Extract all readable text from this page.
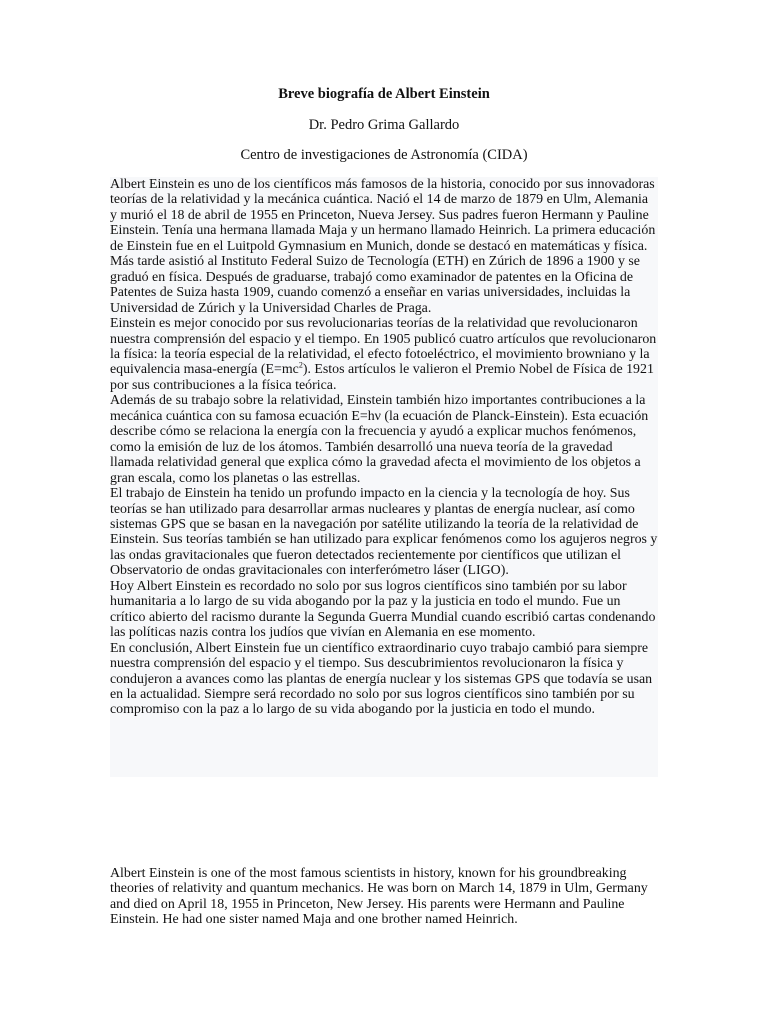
Breve biografía de Albert Einstein
Dr. Pedro Grima Gallardo
Centro de investigaciones de Astronomía (CIDA)

Albert Einstein es uno de los científicos más famosos de la historia, conocido por sus innovadoras teorías de la relatividad y la mecánica cuántica. Nació el 14 de marzo de 1879 en Ulm, Alemania y murió el 18 de abril de 1955 en Princeton, Nueva Jersey. Sus padres fueron Hermann y Pauline Einstein. Tenía una hermana llamada Maja y un hermano llamado Heinrich. La primera educación de Einstein fue en el Luitpold Gymnasium en Munich, donde se destacó en matemáticas y física. Más tarde asistió al Instituto Federal Suizo de Tecnología (ETH) en Zúrich de 1896 a 1900 y se graduó en física. Después de graduarse, trabajó como examinador de patentes en la Oficina de Patentes de Suiza hasta 1909, cuando comenzó a enseñar en varias universidades, incluidas la Universidad de Zúrich y la Universidad Charles de Praga.

Einstein es mejor conocido por sus revolucionarias teorías de la relatividad que revolucionaron nuestra comprensión del espacio y el tiempo. En 1905 publicó cuatro artículos que revolucionaron la física: la teoría especial de la relatividad, el efecto fotoeléctrico, el movimiento browniano y la equivalencia masa-energía $(E=mc^2)$. Estos artículos le valieron el Premio Nobel de Física de 1921 por sus contribuciones a la física teórica.

Además de su trabajo sobre la relatividad, Einstein también hizo importantes contribuciones a la mecánica cuántica con su famosa ecuación E=hν (la ecuación de Planck-Einstein). Esta ecuación describe cómo se relaciona la energía con la frecuencia y ayudó a explicar muchos fenómenos, como la emisión de luz de los átomos. También desarrolló una nueva teoría de la gravedad llamada relatividad general que explica cómo la gravedad afecta el movimiento de los objetos a gran escala, como los planetas o las estrellas.

El trabajo de Einstein ha tenido un profundo impacto en la ciencia y la tecnología de hoy. Sus teorías se han utilizado para desarrollar armas nucleares y plantas de energía nuclear, así como sistemas GPS que se basan en la navegación por satélite utilizando la teoría de la relatividad de Einstein. Sus teorías también se han utilizado para explicar fenómenos como los agujeros negros y las ondas gravitacionales que fueron detectados recientemente por científicos que utilizan el Observatorio de ondas gravitacionales con interferómetro láser (LIGO).

Hoy Albert Einstein es recordado no solo por sus logros científicos sino también por su labor humanitaria a lo largo de su vida abogando por la paz y la justicia en todo el mundo. Fue un crítico abierto del racismo durante la Segunda Guerra Mundial cuando escribió cartas condenando las políticas nazis contra los judíos que vivían en Alemania en ese momento.

En conclusión, Albert Einstein fue un científico extraordinario cuyo trabajo cambió para siempre nuestra comprensión del espacio y el tiempo. Sus descubrimientos revolucionaron la física y condujeron a avances como las plantas de energía nuclear y los sistemas GPS que todavía se usan en la actualidad. Siempre será recordado no solo por sus logros científicos sino también por su compromiso con la paz a lo largo de su vida abogando por la justicia en todo el mundo.

Albert Einstein is one of the most famous scientists in history, known for his groundbreaking theories of relativity and quantum mechanics. He was born on March 14, 1879 in Ulm, Germany and died on April 18, 1955 in Princeton, New Jersey. His parents were Hermann and Pauline Einstein. He had one sister named Maja and one brother named Heinrich.
